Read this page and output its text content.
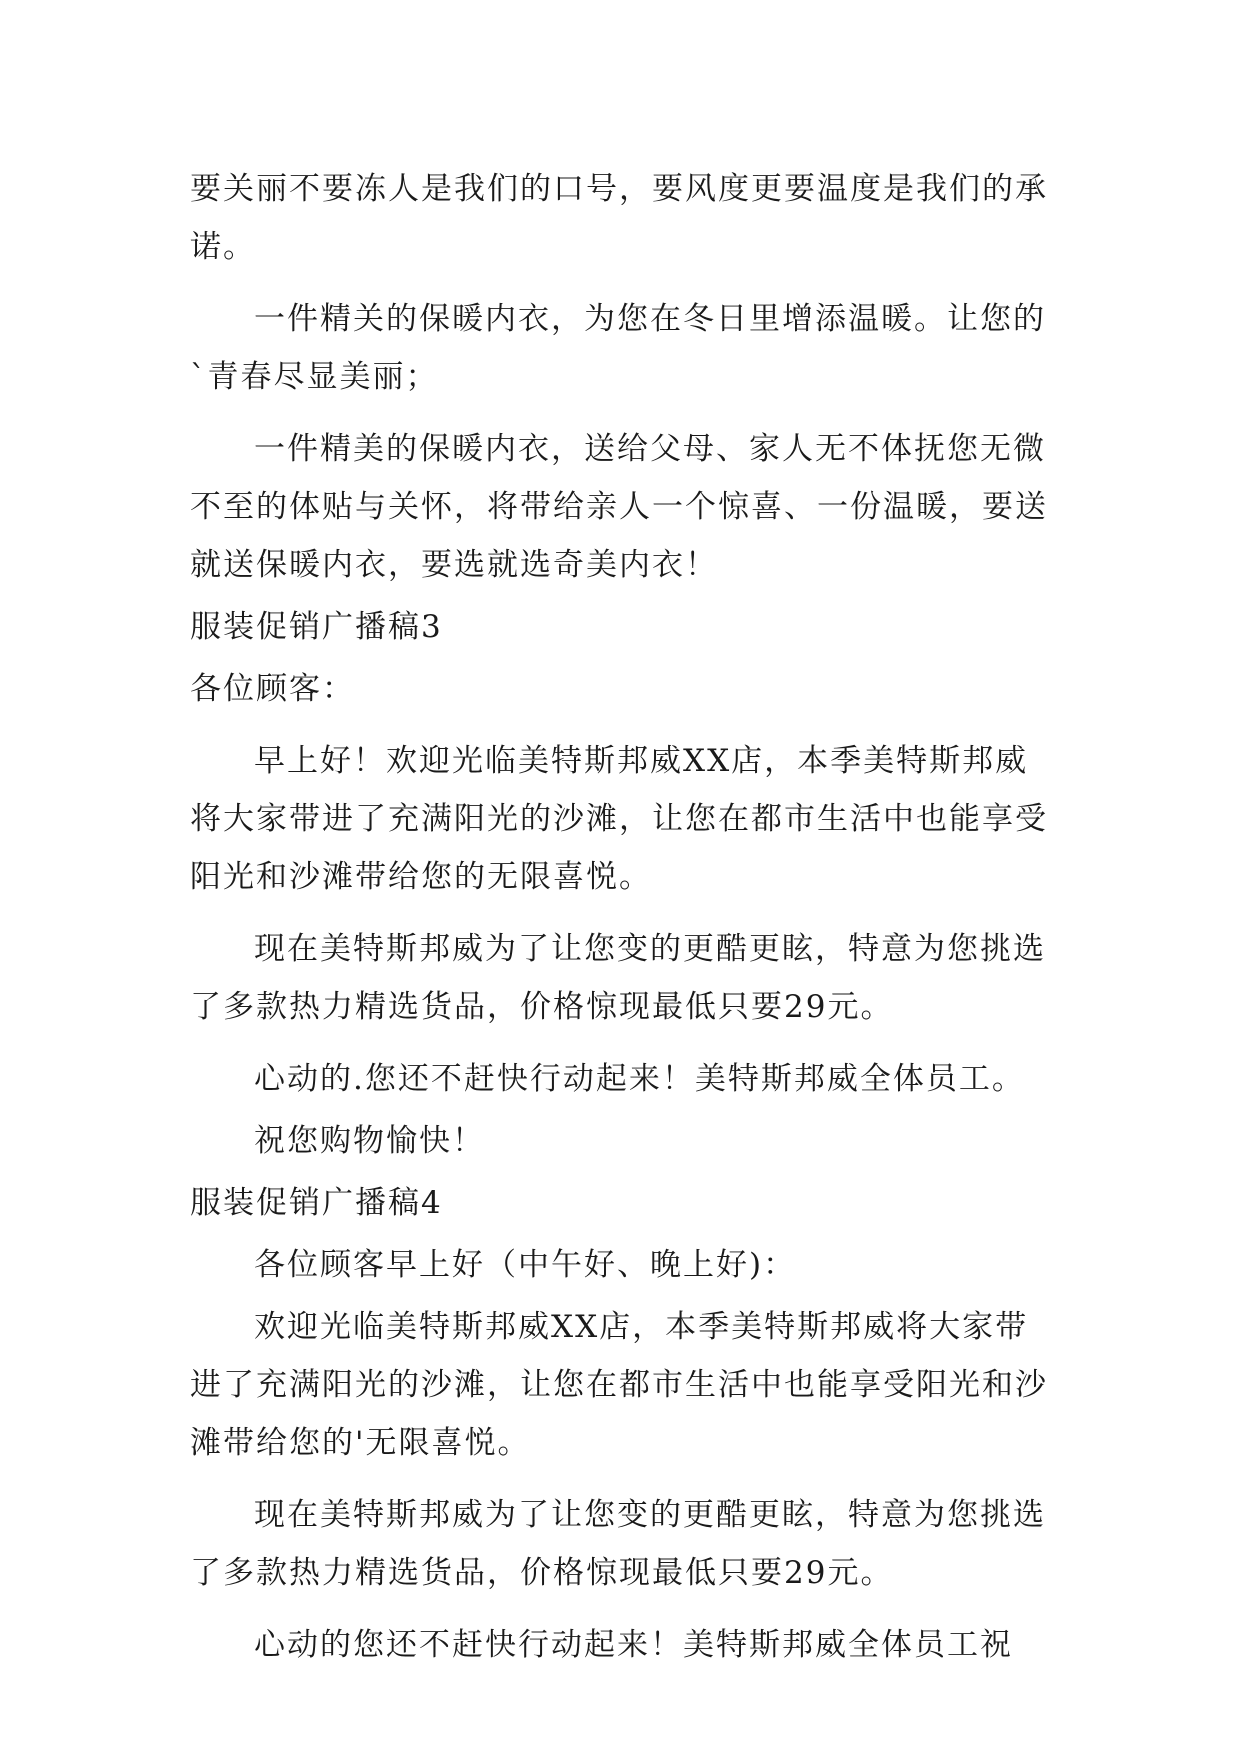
要关丽不要冻人是我们的口号，要风度更要温度是我们的承诺。

一件精关的保暖内衣，为您在冬日里增添温暖。让您的`青春尽显美丽；

一件精美的保暖内衣，送给父母、家人无不体抚您无微不至的体贴与关怀，将带给亲人一个惊喜、一份温暖，要送就送保暖内衣，要选就选奇美内衣！

服装促销广播稿3

各位顾客：

早上好！欢迎光临美特斯邦威XX店，本季美特斯邦威将大家带进了充满阳光的沙滩，让您在都市生活中也能享受阳光和沙滩带给您的无限喜悦。

现在美特斯邦威为了让您变的更酷更眩，特意为您挑选了多款热力精选货品，价格惊现最低只要29元。

心动的.您还不赶快行动起来！美特斯邦威全体员工。

祝您购物愉快！

服装促销广播稿4

各位顾客早上好（中午好、晚上好)：

欢迎光临美特斯邦威XX店，本季美特斯邦威将大家带进了充满阳光的沙滩，让您在都市生活中也能享受阳光和沙滩带给您的'无限喜悦。

现在美特斯邦威为了让您变的更酷更眩，特意为您挑选了多款热力精选货品，价格惊现最低只要29元。

心动的您还不赶快行动起来！美特斯邦威全体员工祝
